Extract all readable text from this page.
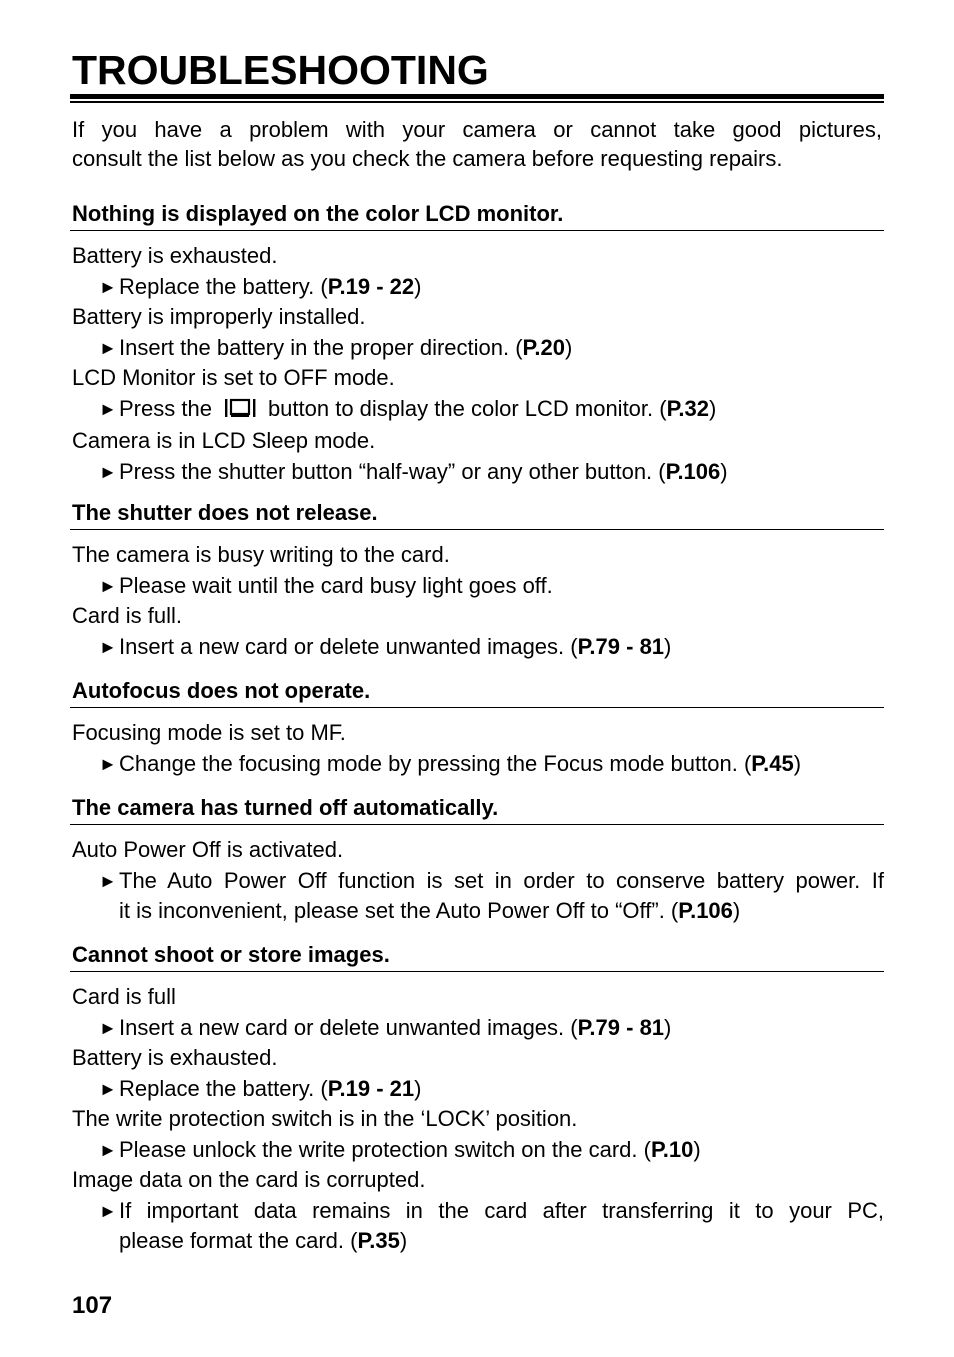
TROUBLESHOOTING

If you have a problem with your camera or cannot take good pictures,
consult the list below as you check the camera before requesting repairs.

Nothing is displayed on the color LCD monitor.
Battery is exhausted.
► Replace the battery. (P.19 - 22)
Battery is improperly installed.
► Insert the battery in the proper direction. (P.20)
LCD Monitor is set to OFF mode.
► Press the	button to display the color LCD monitor. (P.32)
Camera is in LCD Sleep mode.
► Press the shutter button “half-way” or any other button. (P.106)
The shutter does not release.
The camera is busy writing to the card.
► Please wait until the card busy light goes off.
Card is full.
► Insert a new card or delete unwanted images. (P.79 - 81)
Autofocus does not operate.
Focusing mode is set to MF.
► Change the focusing mode by pressing the Focus mode button. (P.45)
The camera has turned off automatically.
Auto Power Off is activated.
► The Auto Power Off function is set in order to conserve battery power. If
it is inconvenient, please set the Auto Power Off to “Off”. (P.106)
Cannot shoot or store images.
Card is full
► Insert a new card or delete unwanted images. (P.79 - 81)
Battery is exhausted.
► Replace the battery. (P.19 - 21)
The write protection switch is in the ‘LOCK’ position.
► Please unlock the write protection switch on the card. (P.10)
Image data on the card is corrupted.
► If important data remains in the card after transferring it to your PC,
please format the card. (P.35)
107
